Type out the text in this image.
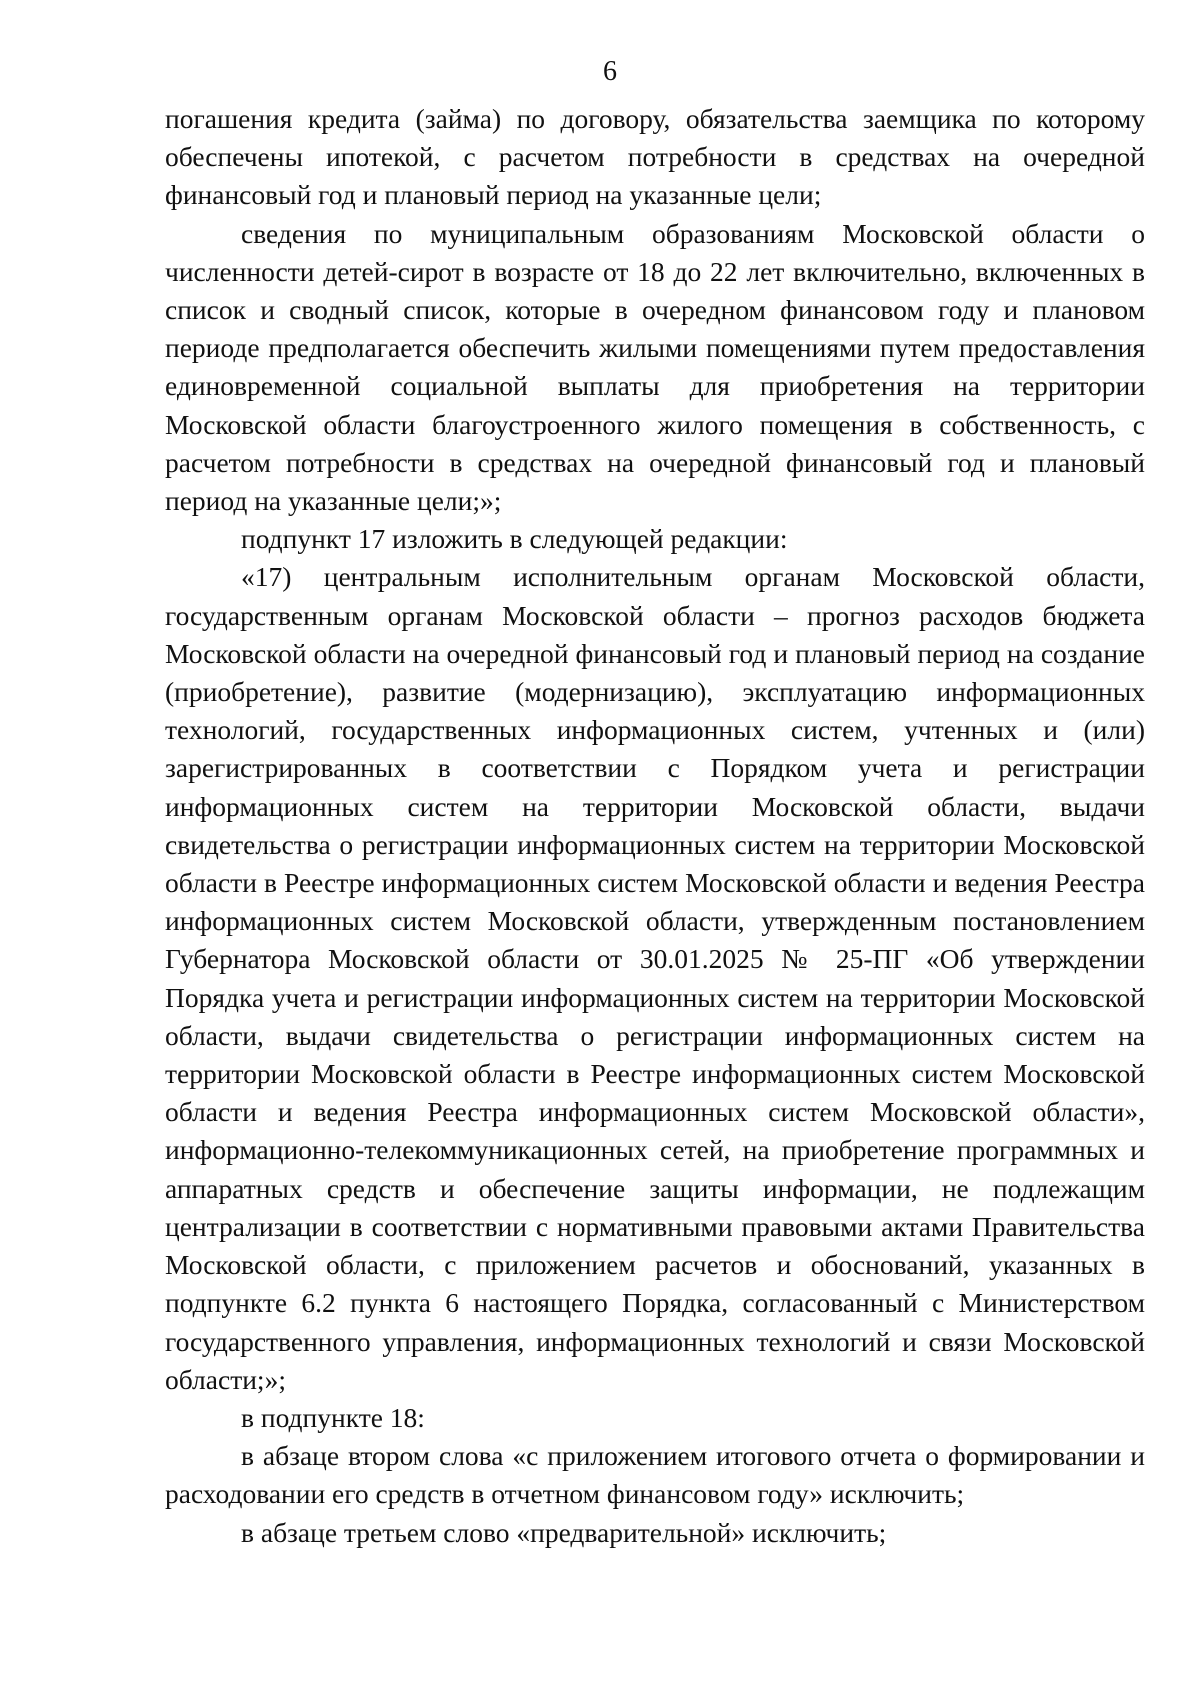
6

погашения кредита (займа) по договору, обязательства заемщика по которому обеспечены ипотекой, с расчетом потребности в средствах на очередной финансовый год и плановый период на указанные цели;

сведения по муниципальным образованиям Московской области о численности детей-сирот в возрасте от 18 до 22 лет включительно, включенных в список и сводный список, которые в очередном финансовом году и плановом периоде предполагается обеспечить жилыми помещениями путем предоставления единовременной социальной выплаты для приобретения на территории Московской области благоустроенного жилого помещения в собственность, с расчетом потребности в средствах на очередной финансовый год и плановый период на указанные цели;»;

подпункт 17 изложить в следующей редакции:

«17) центральным исполнительным органам Московской области, государственным органам Московской области – прогноз расходов бюджета Московской области на очередной финансовый год и плановый период на создание (приобретение), развитие (модернизацию), эксплуатацию информационных технологий, государственных информационных систем, учтенных и (или) зарегистрированных в соответствии с Порядком учета и регистрации информационных систем на территории Московской области, выдачи свидетельства о регистрации информационных систем на территории Московской области в Реестре информационных систем Московской области и ведения Реестра информационных систем Московской области, утвержденным постановлением Губернатора Московской области от 30.01.2025 № 25-ПГ «Об утверждении Порядка учета и регистрации информационных систем на территории Московской области, выдачи свидетельства о регистрации информационных систем на территории Московской области в Реестре информационных систем Московской области и ведения Реестра информационных систем Московской области», информационно-телекоммуникационных сетей, на приобретение программных и аппаратных средств и обеспечение защиты информации, не подлежащим централизации в соответствии с нормативными правовыми актами Правительства Московской области, с приложением расчетов и обоснований, указанных в подпункте 6.2 пункта 6 настоящего Порядка, согласованный с Министерством государственного управления, информационных технологий и связи Московской области;»;

в подпункте 18:

в абзаце втором слова «с приложением итогового отчета о формировании и расходовании его средств в отчетном финансовом году» исключить;

в абзаце третьем слово «предварительной» исключить;
